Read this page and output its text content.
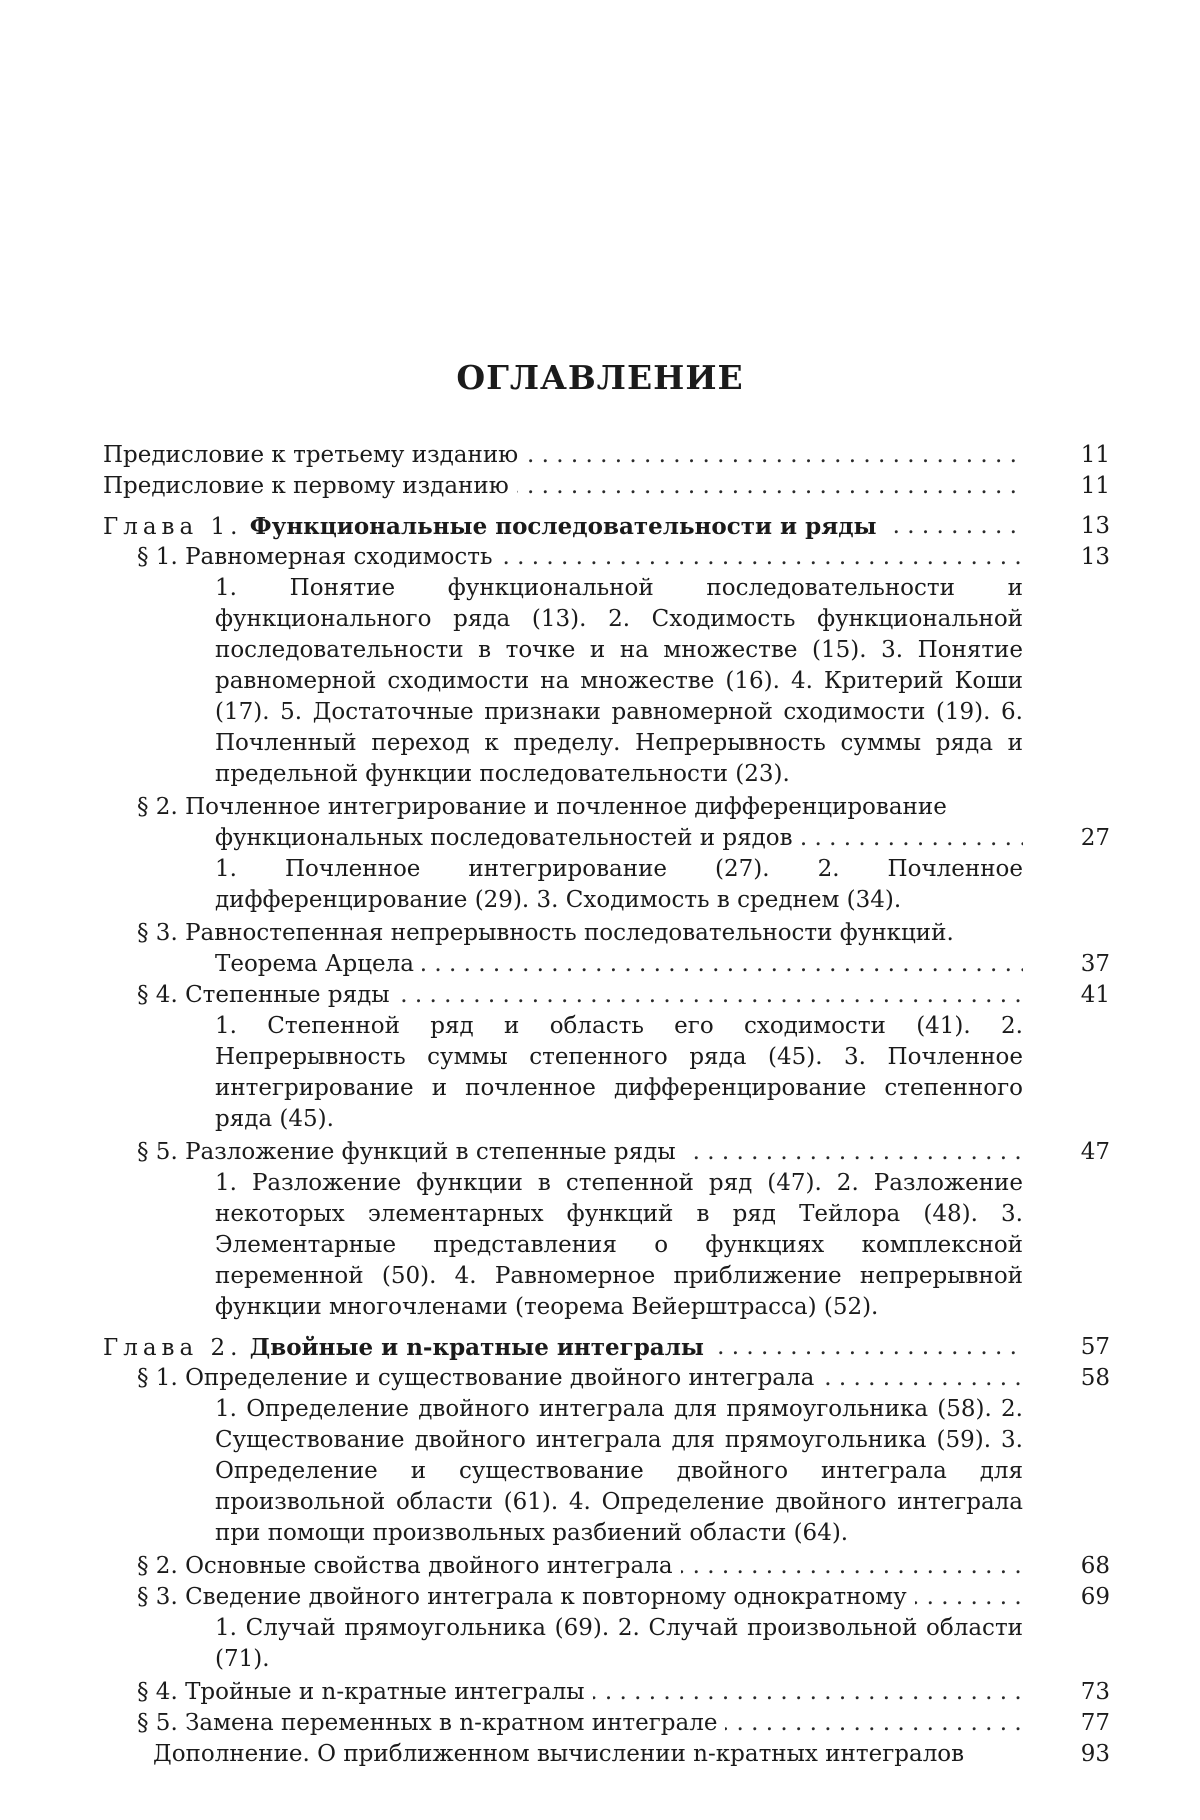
ОГЛАВЛЕНИЕ
Предисловие к третьему изданию . . .	11
Предисловие к первому изданию . . .	11
Глава 1. Функциональные последовательности и ряды . . .	13
§ 1. Равномерная сходимость . . .	13
1. Понятие функциональной последовательности и функционального ряда (13). 2. Сходимость функциональной последовательности в точке и на множестве (15). 3. Понятие равномерной сходимости на множестве (16). 4. Критерий Коши (17). 5. Достаточные признаки равномерной сходимости (19). 6. Почленный переход к пределу. Непрерывность суммы ряда и предельной функции последовательности (23).
§ 2. Почленное интегрирование и почленное дифференцирование
функциональных последовательностей и рядов . . .	27
1. Почленное интегрирование (27). 2. Почленное дифференцирование (29). 3. Сходимость в среднем (34).
§ 3. Равностепенная непрерывность последовательности функций.
Теорема Арцела . . .	37
§ 4. Степенные ряды . . .	41
1. Степенной ряд и область его сходимости (41). 2. Непрерывность суммы степенного ряда (45). 3. Почленное интегрирование и почленное дифференцирование степенного ряда (45).
§ 5. Разложение функций в степенные ряды . . .	47
1. Разложение функции в степенной ряд (47). 2. Разложение некоторых элементарных функций в ряд Тейлора (48). 3. Элементарные представления о функциях комплексной переменной (50). 4. Равномерное приближение непрерывной функции многочленами (теорема Вейерштрасса) (52).
Глава 2. Двойные и n-кратные интегралы . . .	57
§ 1. Определение и существование двойного интеграла . . .	58
1. Определение двойного интеграла для прямоугольника (58). 2. Существование двойного интеграла для прямоугольника (59). 3. Определение и существование двойного интеграла для произвольной области (61). 4. Определение двойного интеграла при помощи произвольных разбиений области (64).
§ 2. Основные свойства двойного интеграла . . .	68
§ 3. Сведение двойного интеграла к повторному однократному . . .	69
1. Случай прямоугольника (69). 2. Случай произвольной области (71).
§ 4. Тройные и n-кратные интегралы . . .	73
§ 5. Замена переменных в n-кратном интеграле . . .	77
Дополнение. О приближенном вычислении n-кратных интегралов	93
